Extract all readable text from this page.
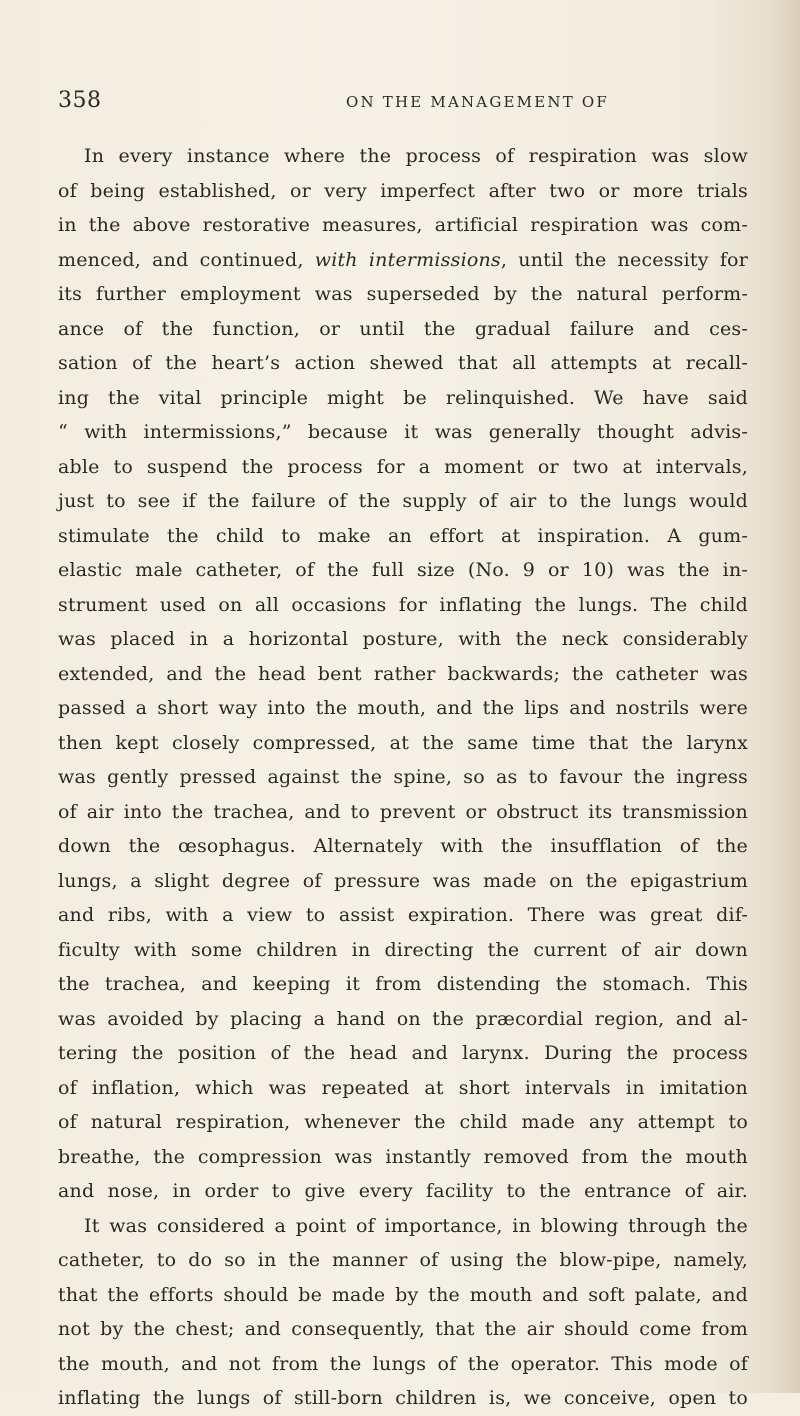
358	ON THE MANAGEMENT OF
In every instance where the process of respiration was slow
of being established, or very imperfect after two or more trials
in the above restorative measures, artificial respiration was com-
menced, and continued, with intermissions, until the necessity for
its further employment was superseded by the natural perform-
ance of the function, or until the gradual failure and ces-
sation of the heart’s action shewed that all attempts at recall-
ing the vital principle might be relinquished. We have said
“ with intermissions,” because it was generally thought advis-
able to suspend the process for a moment or two at intervals,
just to see if the failure of the supply of air to the lungs would
stimulate the child to make an effort at inspiration. A gum-
elastic male catheter, of the full size (No. 9 or 10) was the in-
strument used on all occasions for inflating the lungs. The child
was placed in a horizontal posture, with the neck considerably
extended, and the head bent rather backwards; the catheter was
passed a short way into the mouth, and the lips and nostrils were
then kept closely compressed, at the same time that the larynx
was gently pressed against the spine, so as to favour the ingress
of air into the trachea, and to prevent or obstruct its transmission
down the œsophagus. Alternately with the insufflation of the
lungs, a slight degree of pressure was made on the epigastrium
and ribs, with a view to assist expiration. There was great dif-
ficulty with some children in directing the current of air down
the trachea, and keeping it from distending the stomach. This
was avoided by placing a hand on the præcordial region, and al-
tering the position of the head and larynx. During the process
of inflation, which was repeated at short intervals in imitation
of natural respiration, whenever the child made any attempt to
breathe, the compression was instantly removed from the mouth
and nose, in order to give every facility to the entrance of air.
It was considered a point of importance, in blowing through the
catheter, to do so in the manner of using the blow-pipe, namely,
that the efforts should be made by the mouth and soft palate, and
not by the chest; and consequently, that the air should come from
the mouth, and not from the lungs of the operator. This mode of
inflating the lungs of still-born children is, we conceive, open to
